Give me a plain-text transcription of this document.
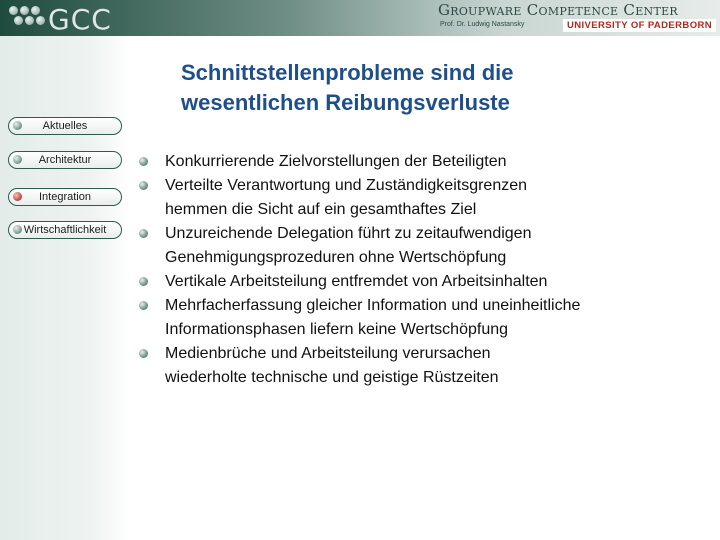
GCC	Groupware Competence Center
Prof. Dr. Ludwig Nastansky	UNIVERSITY OF PADERBORN
Aktuelles
Architektur
Integration
Wirtschaftlichkeit
Schnittstellenprobleme sind die
wesentlichen Reibungsverluste
Konkurrierende Zielvorstellungen der Beteiligten
Verteilte Verantwortung und Zuständigkeitsgrenzen
hemmen die Sicht auf ein gesamthaftes Ziel
Unzureichende Delegation führt zu zeitaufwendigen
Genehmigungsprozeduren ohne Wertschöpfung
Vertikale Arbeitsteilung entfremdet von Arbeitsinhalten
Mehrfacherfassung gleicher Information und uneinheitliche
Informationsphasen liefern keine Wertschöpfung
Medienbrüche und Arbeitsteilung verursachen
wiederholte technische und geistige Rüstzeiten
